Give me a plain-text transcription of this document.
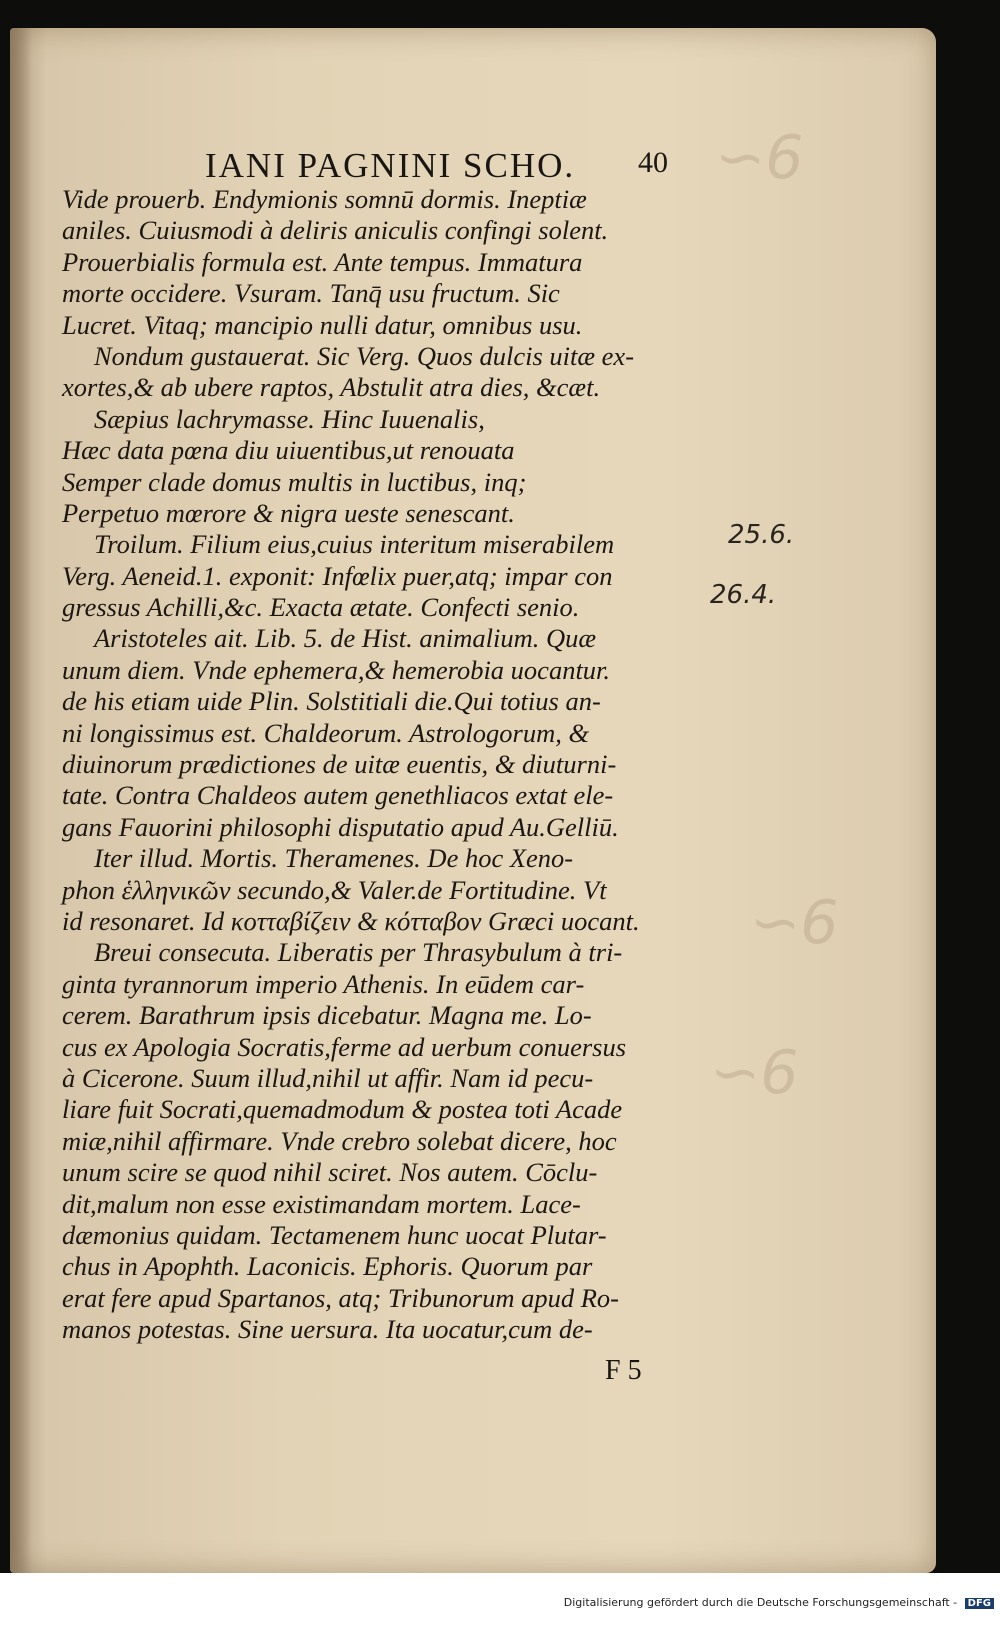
∽6
∽6
∽6
IANI PAGNINI SCHO. 40
Vide prouerb. Endymionis somnū dormis. Ineptiæ
aniles. Cuiusmodi à deliris aniculis confingi solent.
Prouerbialis formula est. Ante tempus. Immatura
morte occidere. Vsuram. Tanq̄ usu fructum. Sic
Lucret. Vitaq; mancipio nulli datur, omnibus usu.
Nondum gustauerat. Sic Verg. Quos dulcis uitæ ex-
xortes,& ab ubere raptos, Abstulit atra dies, &cæt.
Sæpius lachrymasse. Hinc Iuuenalis,
Hæc data pœna diu uiuentibus,ut renouata
Semper clade domus multis in luctibus, inq;
Perpetuo mœrore & nigra ueste senescant.
Troilum. Filium eius,cuius interitum miserabilem
Verg. Aeneid.1. exponit: Infœlix puer,atq; impar con
gressus Achilli,&c. Exacta ætate. Confecti senio.
Aristoteles ait. Lib. 5. de Hist. animalium. Quæ
unum diem. Vnde ephemera,& hemerobia uocantur.
de his etiam uide Plin. Solstitiali die.Qui totius an-
ni longissimus est. Chaldeorum. Astrologorum, &
diuinorum prædictiones de uitæ euentis, & diuturni-
tate. Contra Chaldeos autem genethliacos extat ele-
gans Fauorini philosophi disputatio apud Au.Gelliū.
Iter illud. Mortis. Theramenes. De hoc Xeno-
phon ἑλληνικῶν secundo,& Valer.de Fortitudine. Vt
id resonaret. Id κοτταβίζειν & κότταβον Græci uocant.
Breui consecuta. Liberatis per Thrasybulum à tri-
ginta tyrannorum imperio Athenis. In eūdem car-
cerem. Barathrum ipsis dicebatur. Magna me. Lo-
cus ex Apologia Socratis,ferme ad uerbum conuersus
à Cicerone. Suum illud,nihil ut affir. Nam id pecu-
liare fuit Socrati,quemadmodum & postea toti Acade
miæ,nihil affirmare. Vnde crebro solebat dicere, hoc
unum scire se quod nihil sciret. Nos autem. Cōclu-
dit,malum non esse existimandam mortem. Lace-
dæmonius quidam. Tectamenem hunc uocat Plutar-
chus in Apophth. Laconicis. Ephoris. Quorum par
erat fere apud Spartanos, atq; Tribunorum apud Ro-
manos potestas. Sine uersura. Ita uocatur,cum de-
25.6.
26.4.
F 5
Digitalisierung gefördert durch die Deutsche Forschungsgemeinschaft - DFG
